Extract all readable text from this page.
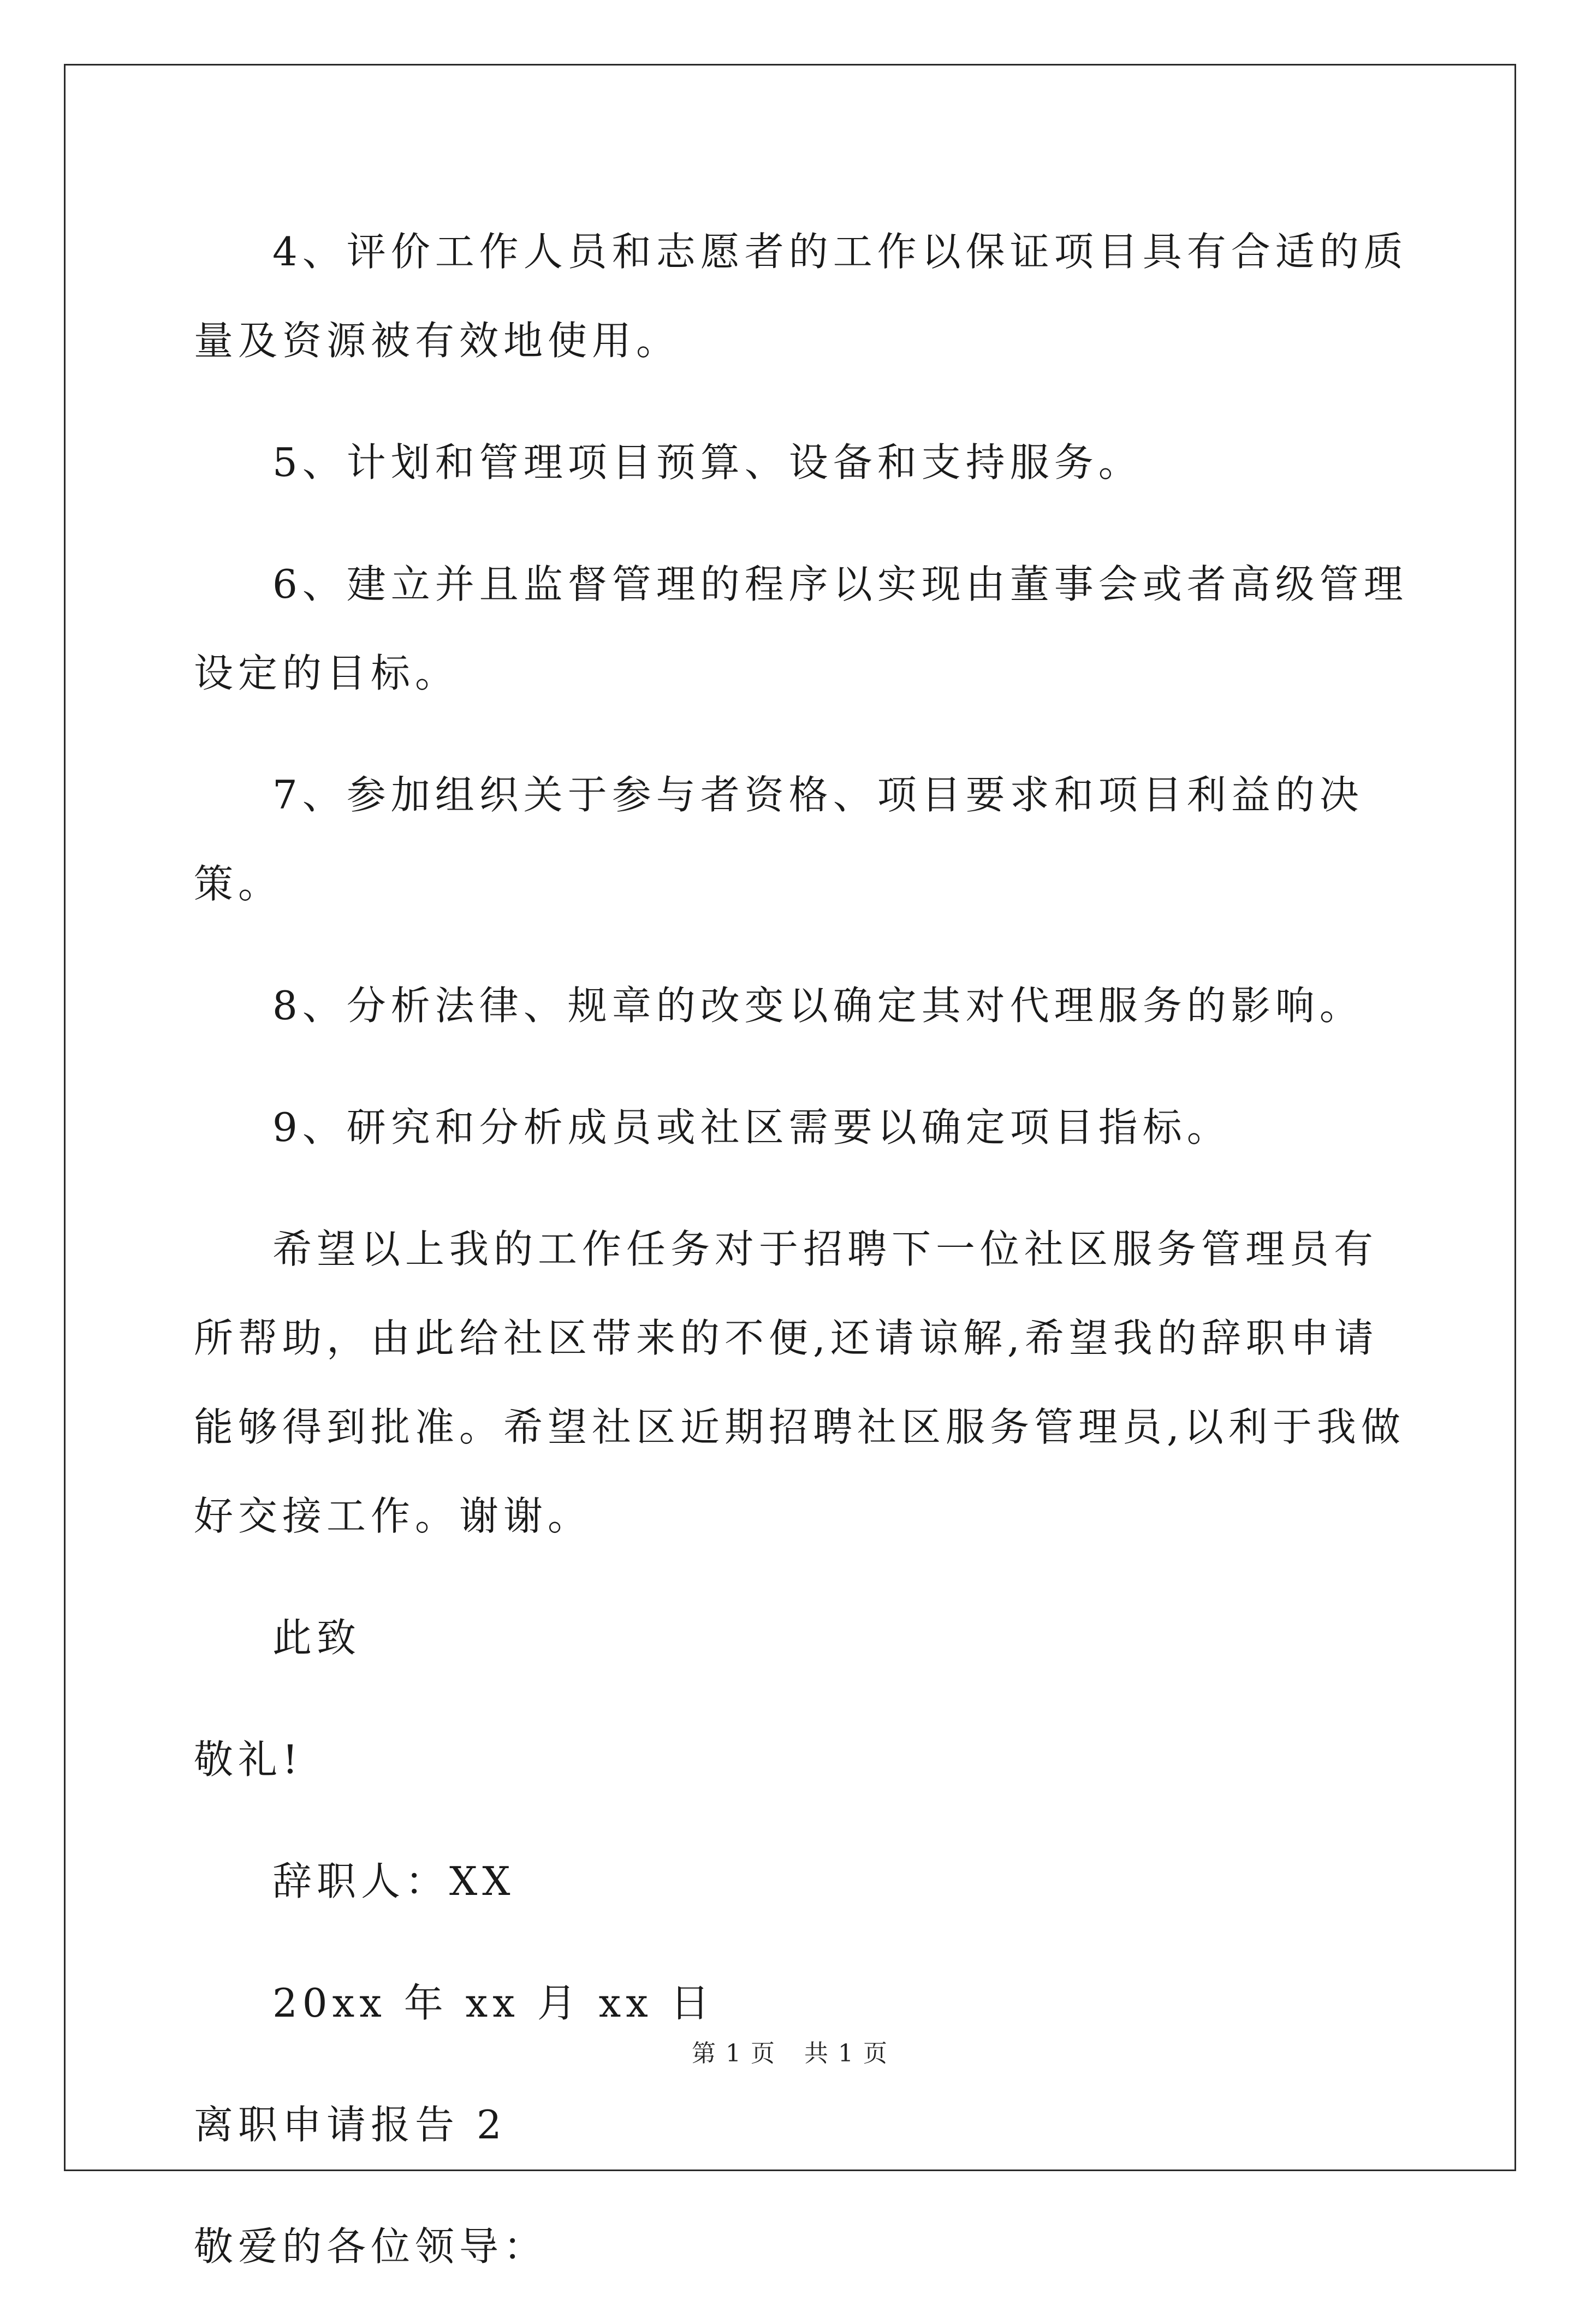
4、评价工作人员和志愿者的工作以保证项目具有合适的质量及资源被有效地使用。

5、计划和管理项目预算、设备和支持服务。

6、建立并且监督管理的程序以实现由董事会或者高级管理设定的目标。

7、参加组织关于参与者资格、项目要求和项目利益的决策。

8、分析法律、规章的改变以确定其对代理服务的影响。

9、研究和分析成员或社区需要以确定项目指标。

希望以上我的工作任务对于招聘下一位社区服务管理员有所帮助，由此给社区带来的不便,还请谅解,希望我的辞职申请能够得到批准。希望社区近期招聘社区服务管理员,以利于我做好交接工作。谢谢。

此致

敬礼!

辞职人：XX

20xx 年 xx 月 xx 日

离职申请报告 2

敬爱的各位领导：

第 1 页 共 1 页
